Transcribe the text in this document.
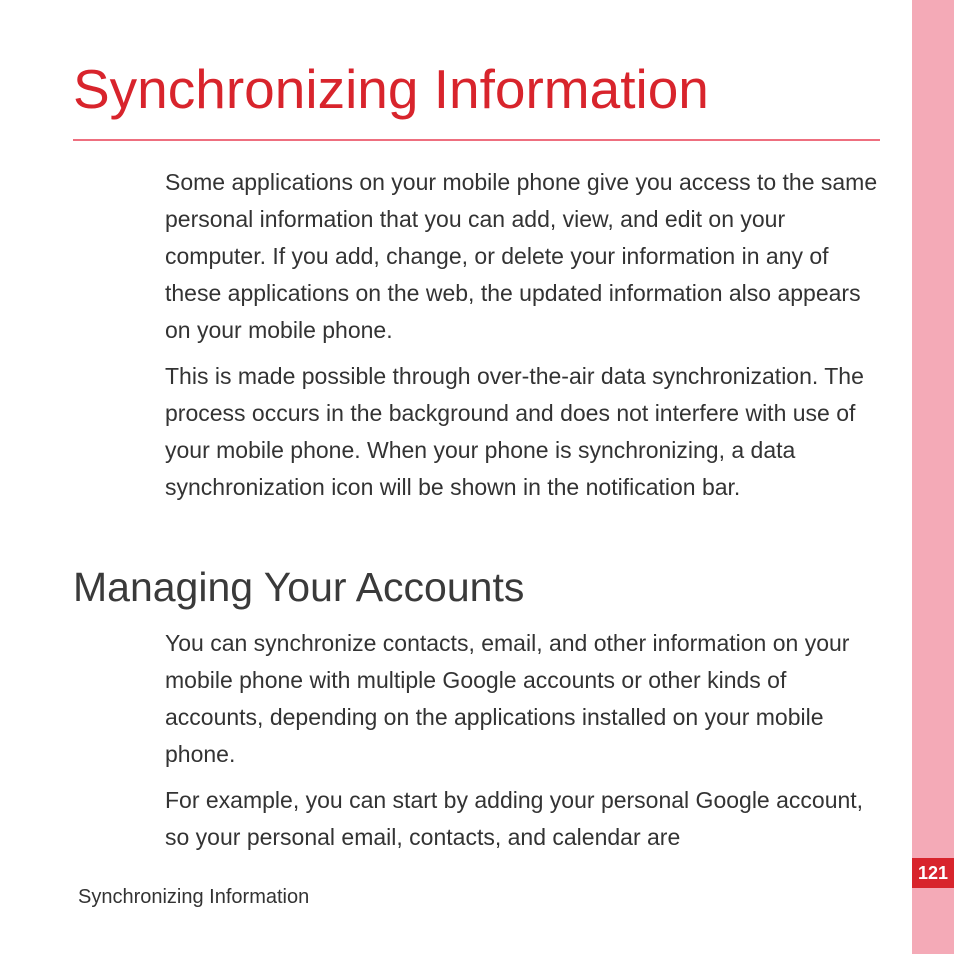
121
Synchronizing Information

Some applications on your mobile phone give you access to the same personal information that you can add, view, and edit on your computer. If you add, change, or delete your information in any of these applications on the web, the updated information also appears on your mobile phone.

This is made possible through over-the-air data synchronization. The process occurs in the background and does not interfere with use of your mobile phone. When your phone is synchronizing, a data synchronization icon will be shown in the notification bar.

Managing Your Accounts

You can synchronize contacts, email, and other information on your mobile phone with multiple Google accounts or other kinds of accounts, depending on the applications installed on your mobile phone.

For example, you can start by adding your personal Google account, so your personal email, contacts, and calendar are

Synchronizing Information
